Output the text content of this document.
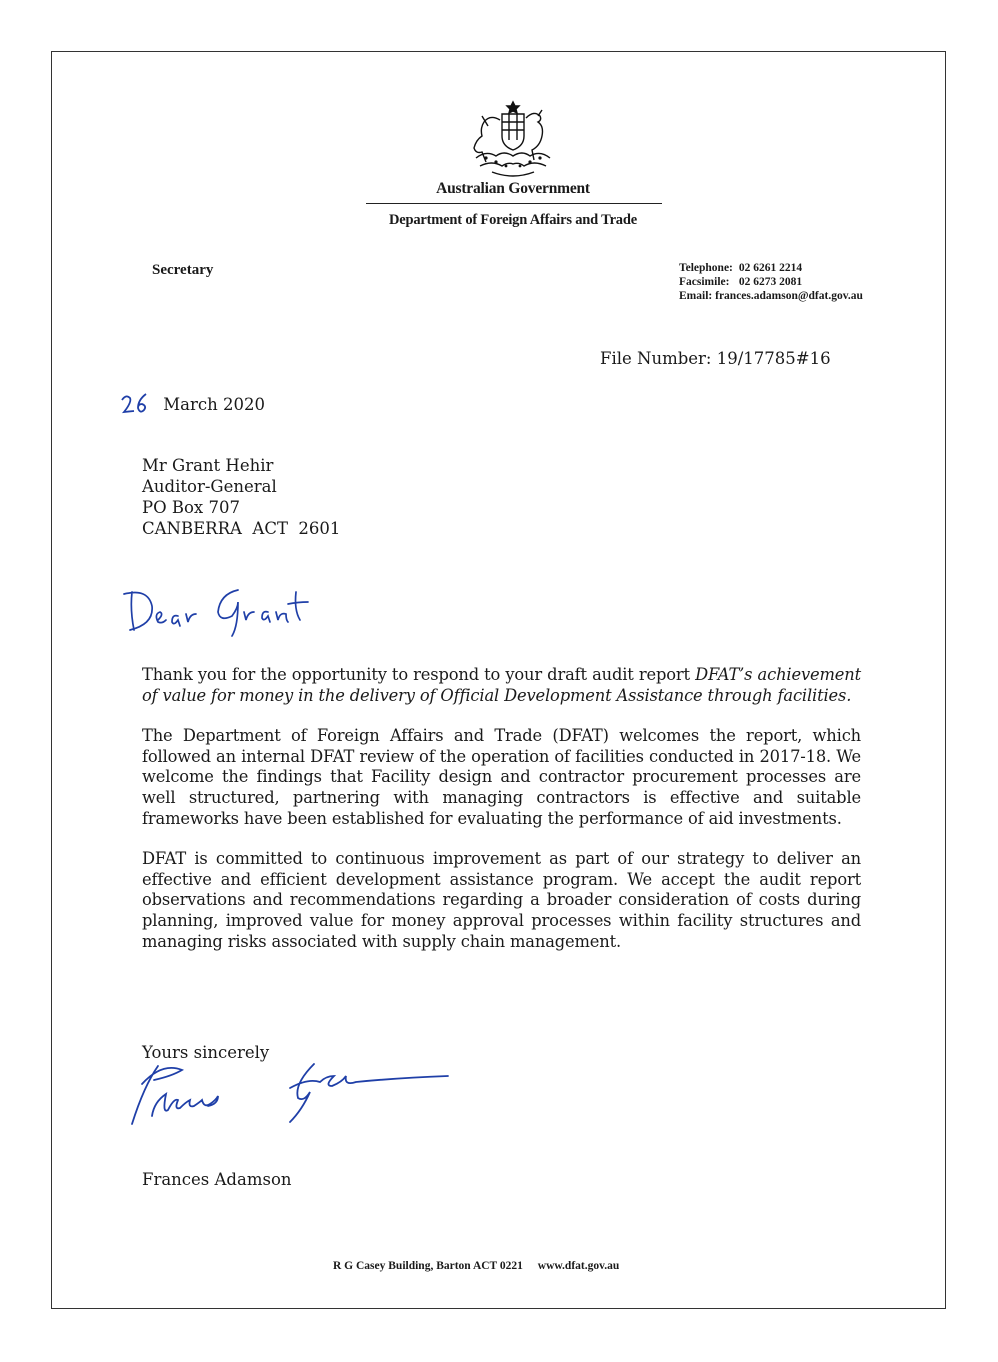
Australian Government
Department of Foreign Affairs and Trade
Secretary	Telephone: 02 6261 2214
Facsimile: 02 6273 2081
Email: frances.adamson@dfat.gov.au
File Number: 19/17785#16
March 2020
Mr Grant Hehir
Auditor-General
PO Box 707
CANBERRA  ACT  2601

Thank you for the opportunity to respond to your draft audit report DFAT’s achievement of value for money in the delivery of Official Development Assistance through facilities.

The Department of Foreign Affairs and Trade (DFAT) welcomes the report, which followed an internal DFAT review of the operation of facilities conducted in 2017-18. We welcome the findings that Facility design and contractor procurement processes are well structured, partnering with managing contractors is effective and suitable frameworks have been established for evaluating the performance of aid investments.

DFAT is committed to continuous improvement as part of our strategy to deliver an effective and efficient development assistance program. We accept the audit report observations and recommendations regarding a broader consideration of costs during planning, improved value for money approval processes within facility structures and managing risks associated with supply chain management.

Yours sincerely
Frances Adamson
R G Casey Building, Barton ACT 0221 www.dfat.gov.au
